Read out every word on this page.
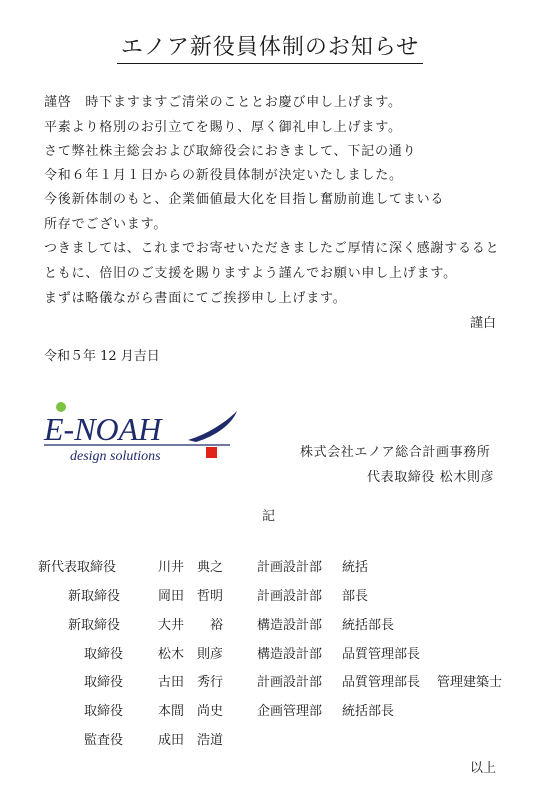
エノア新役員体制のお知らせ
謹啓　時下ますますご清栄のこととお慶び申し上げます。
平素より格別のお引立てを賜り、厚く御礼申し上げます。
さて弊社株主総会および取締役会におきまして、下記の通り
令和６年１月１日からの新役員体制が決定いたしました。
今後新体制のもと、企業価値最大化を目指し奮励前進してまいる
所存でございます。
つきましては、これまでお寄せいただきましたご厚情に深く感謝するると
ともに、倍旧のご支援を賜りますよう謹んでお願い申し上げます。
まずは略儀ながら書面にてご挨拶申し上げます。
謹白
令和５年 12 月吉日
E-NOAH
design solutions	株式会社エノア総合計画事務所
代表取締役 松木則彦
記
新代表取締役	川井　典之	計画設計部 統括
新取締役	岡田　哲明	計画設計部 部長
新取締役	大井　　裕	構造設計部 統括部長
取締役	松木　則彦	構造設計部 品質管理部長
取締役	古田　秀行	計画設計部 品質管理部長 管理建築士
取締役	本間　尚史	企画管理部 統括部長
監査役	成田　浩道
以上
